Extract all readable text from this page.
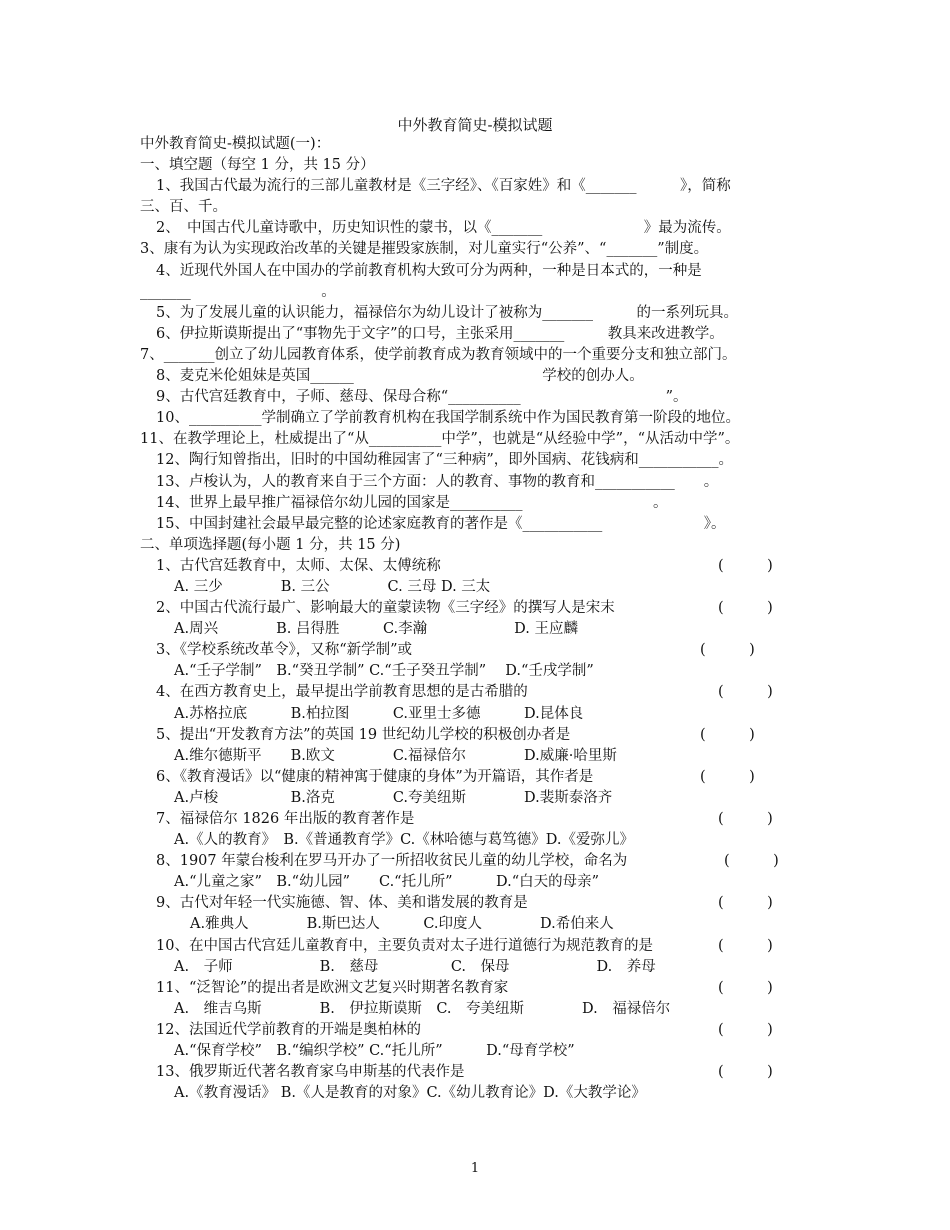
中外教育简史-模拟试题
中外教育简史-模拟试题(一)：
一、填空题（每空 1 分，共 15 分）
1、我国古代最为流行的三部儿童教材是《三字经》、《百家姓》和《_______　　　》，简称
三、百、千。
2、　中国古代儿童诗歌中，历史知识性的蒙书，以《_______　　　　　　　》最为流传。
3、康有为认为实现政治改革的关键是摧毁家族制，对儿童实行“公养”、“_______”制度。
4、近现代外国人在中国办的学前教育机构大致可分为两种，一种是日本式的，一种是
_______　　　　　　　　　。
5、为了发展儿童的认识能力，福禄倍尔为幼儿设计了被称为_______　　　的一系列玩具。
6、伊拉斯谟斯提出了“事物先于文字”的口号，主张采用_______　　　教具来改进教学。
7、_______创立了幼儿园教育体系，使学前教育成为教育领域中的一个重要分支和独立部门。
8、麦克米伦姐妹是英国______　　　　　　　　　　　　　学校的创办人。
9、古代宫廷教育中，子师、慈母、保母合称“__________　　　　　　　　　　”。
10、__________学制确立了学前教育机构在我国学制系统中作为国民教育第一阶段的地位。
11、在教学理论上，杜威提出了“从__________中学”，也就是“从经验中学”，“从活动中学”。
12、陶行知曾指出，旧时的中国幼稚园害了“三种病”，即外国病、花钱病和___________。
13、卢梭认为，人的教育来自于三个方面：人的教育、事物的教育和___________　　。
14、世界上最早推广福禄倍尔幼儿园的国家是__________　　　　　　　　　。
15、中国封建社会最早最完整的论述家庭教育的著作是《___________　　　　　　　》。
二、单项选择题(每小题 1 分，共 15 分)
1、古代宫廷教育中，太师、太保、太傅统称	(　　　)
A. 三少　　　　B. 三公　　　　C. 三母 D. 三太
2、中国古代流行最广、影响最大的童蒙读物《三字经》的撰写人是宋末	(　　　)
A.周兴　　　　B. 吕得胜　　　C.李瀚　　　　　　D. 王应麟
3、《学校系统改革令》，又称“新学制”或	(　　　)
A.“壬子学制”　B.“癸丑学制” C.“壬子癸丑学制”　 D.“壬戌学制”
4、在西方教育史上，最早提出学前教育思想的是古希腊的	(　　　)
A.苏格拉底　　　B.柏拉图　　　C.亚里士多德　　　D.昆体良
5、提出“开发教育方法”的英国 19 世纪幼儿学校的积极创办者是	(　　　)
A.维尔德斯平　　B.欧文　　　　C.福禄倍尔　　　　D.威廉·哈里斯
6、《教育漫话》以“健康的精神寓于健康的身体”为开篇语，其作者是	(　　　)
A.卢梭　　　　　B.洛克　　　　C.夸美纽斯　　　　D.裴斯泰洛齐
7、福禄倍尔 1826 年出版的教育著作是	(　　　)
A.《人的教育》　B.《普通教育学》C.《林哈德与葛笃德》D.《爱弥儿》
8、1907 年蒙台梭利在罗马开办了一所招收贫民儿童的幼儿学校，命名为	(　　　)
A.“儿童之家”　B.“幼儿园”　　C.“托儿所”　　　D.“白天的母亲”
9、古代对年轻一代实施德、智、体、美和谐发展的教育是	(　　　)
A.雅典人　　　　B.斯巴达人　　　C.印度人　　　　D.希伯来人
10、在中国古代宫廷儿童教育中，主要负责对太子进行道德行为规范教育的是	(　　　)
A.　子师　　　　　　B.　慈母　　　　　C.　保母　　　　　　D.　养母
11、“泛智论”的提出者是欧洲文艺复兴时期著名教育家	(　　　)
A.　维吉乌斯　　　　B.　伊拉斯谟斯　C.　夸美纽斯　　　　D.　福禄倍尔
12、法国近代学前教育的开端是奥柏林的	(　　　)
A.“保育学校”　B.“编织学校” C.“托儿所”　　　D.“母育学校”
13、俄罗斯近代著名教育家乌申斯基的代表作是	(　　　)
A.《教育漫话》 B.《人是教育的对象》C.《幼儿教育论》D.《大教学论》
1
